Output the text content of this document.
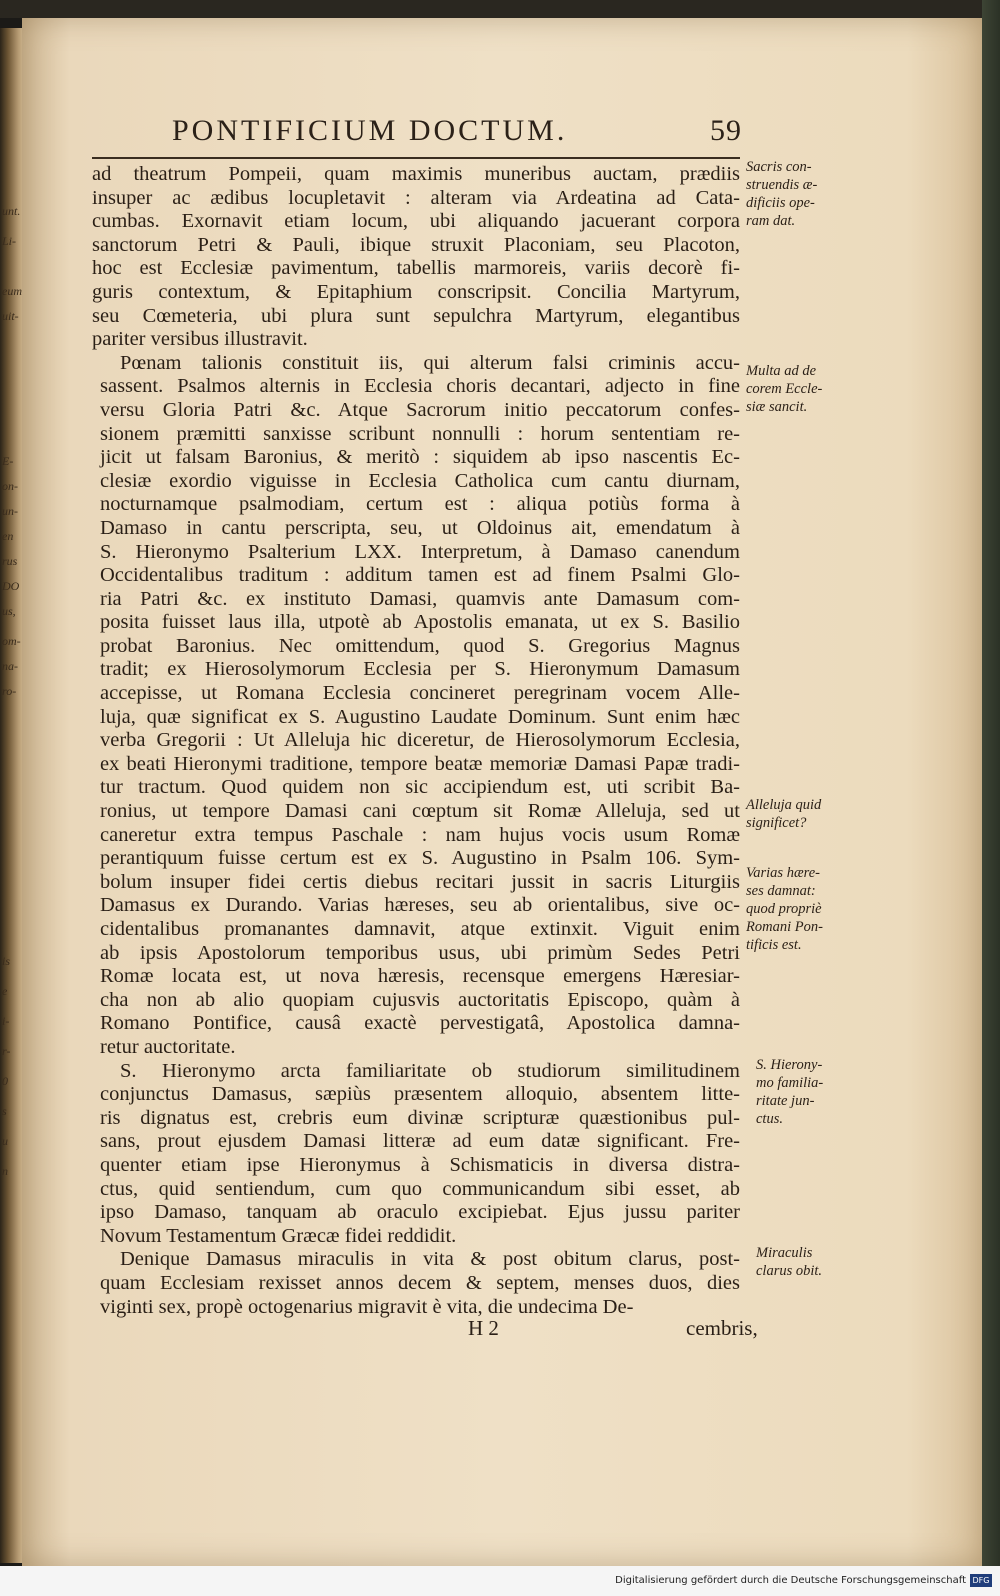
unt.
Li-
eum
uit-
E-
on-
un-
en
rus
DO
us,
om-
na-
ro-
is
e
i-
r-
0
s
u
n
PONTIFICIUM DOCTUM.	59
ad theatrum Pompeii, quam maximis muneribus auctam, prædiis
insuper ac ædibus locupletavit : alteram via Ardeatina ad Cata-
cumbas. Exornavit etiam locum, ubi aliquando jacuerant corpora
sanctorum Petri & Pauli, ibique struxit Placoniam, seu Placoton,
hoc est Ecclesiæ pavimentum, tabellis marmoreis, variis decorè fi-
guris contextum, & Epitaphium conscripsit. Concilia Martyrum,
seu Cœmeteria, ubi plura sunt sepulchra Martyrum, elegantibus
pariter versibus illustravit.
Pœnam talionis constituit iis, qui alterum falsi criminis accu-
sassent. Psalmos alternis in Ecclesia choris decantari, adjecto in fine
versu Gloria Patri &c. Atque Sacrorum initio peccatorum confes-
sionem præmitti sanxisse scribunt nonnulli : horum sententiam re-
jicit ut falsam Baronius, & meritò : siquidem ab ipso nascentis Ec-
clesiæ exordio viguisse in Ecclesia Catholica cum cantu diurnam,
nocturnamque psalmodiam, certum est : aliqua potiùs forma à
Damaso in cantu perscripta, seu, ut Oldoinus ait, emendatum à
S. Hieronymo Psalterium LXX. Interpretum, à Damaso canendum
Occidentalibus traditum : additum tamen est ad finem Psalmi Glo-
ria Patri &c. ex instituto Damasi, quamvis ante Damasum com-
posita fuisset laus illa, utpotè ab Apostolis emanata, ut ex S. Basilio
probat Baronius. Nec omittendum, quod S. Gregorius Magnus
tradit; ex Hierosolymorum Ecclesia per S. Hieronymum Damasum
accepisse, ut Romana Ecclesia concineret peregrinam vocem Alle-
luja, quæ significat ex S. Augustino Laudate Dominum. Sunt enim hæc
verba Gregorii : Ut Alleluja hic diceretur, de Hierosolymorum Ecclesia,
ex beati Hieronymi traditione, tempore beatæ memoriæ Damasi Papæ tradi-
tur tractum. Quod quidem non sic accipiendum est, uti scribit Ba-
ronius, ut tempore Damasi cani cœptum sit Romæ Alleluja, sed ut
caneretur extra tempus Paschale : nam hujus vocis usum Romæ
perantiquum fuisse certum est ex S. Augustino in Psalm 106. Sym-
bolum insuper fidei certis diebus recitari jussit in sacris Liturgiis
Damasus ex Durando. Varias hæreses, seu ab orientalibus, sive oc-
cidentalibus promanantes damnavit, atque extinxit. Viguit enim
ab ipsis Apostolorum temporibus usus, ubi primùm Sedes Petri
Romæ locata est, ut nova hæresis, recensque emergens Hæresiar-
cha non ab alio quopiam cujusvis auctoritatis Episcopo, quàm à
Romano Pontifice, causâ exactè pervestigatâ, Apostolica damna-
retur auctoritate.
S. Hieronymo arcta familiaritate ob studiorum similitudinem
conjunctus Damasus, sæpiùs præsentem alloquio, absentem litte-
ris dignatus est, crebris eum divinæ scripturæ quæstionibus pul-
sans, prout ejusdem Damasi litteræ ad eum datæ significant. Fre-
quenter etiam ipse Hieronymus à Schismaticis in diversa distra-
ctus, quid sentiendum, cum quo communicandum sibi esset, ab
ipso Damaso, tanquam ab oraculo excipiebat. Ejus jussu pariter
Novum Testamentum Græcæ fidei reddidit.
Denique Damasus miraculis in vita & post obitum clarus, post-
quam Ecclesiam rexisset annos decem & septem, menses duos, dies
viginti sex, propè octogenarius migravit è vita, die undecima De-
Sacris con-
struendis æ-
dificiis ope-
ram dat.
Multa ad de
corem Eccle-
siæ sancit.
Alleluja quid
significet?
Varias hære-
ses damnat:
quod propriè
Romani Pon-
tificis est.
S. Hierony-
mo familia-
ritate jun-
ctus.
Miraculis
clarus obit.
H 2	cembris,
Digitalisierung gefördert durch die Deutsche Forschungsgemeinschaft DFG
